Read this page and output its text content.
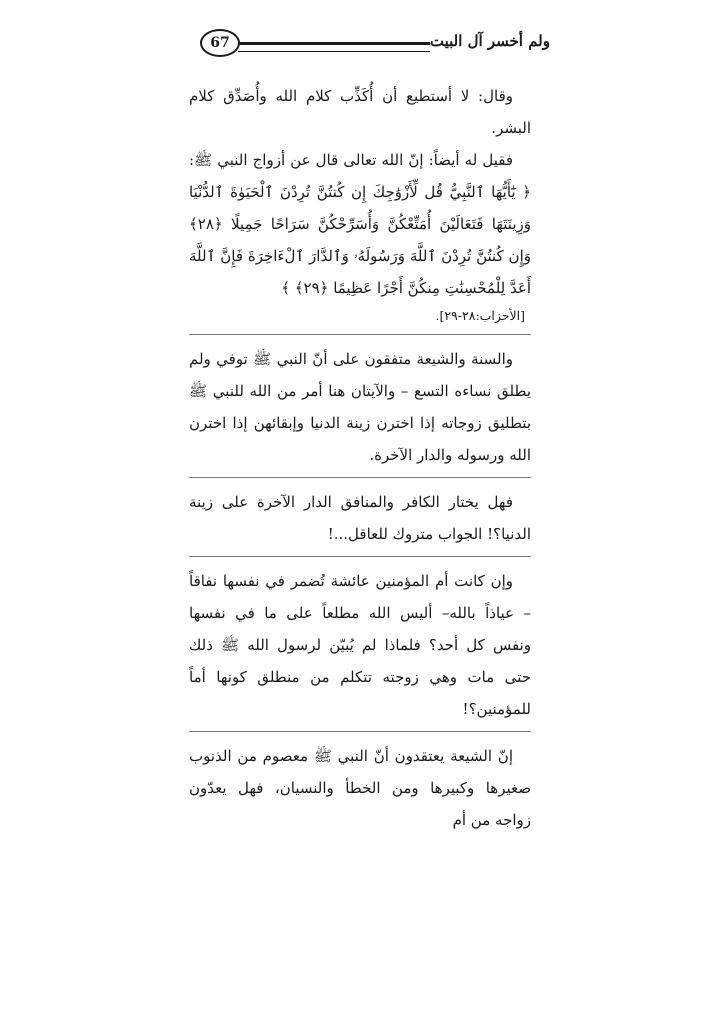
67	ولم أخسر آل البيت

وقال: لا أستطيع أن أُكَذِّب كلام الله وأُصَدِّق كلام البشر.

فقيل له أيضاً: إنّ الله تعالى قال عن أزواج النبي ﷺ: ﴿ يَٰٓأَيُّهَا ٱلنَّبِيُّ قُل لِّأَزْوَٰجِكَ إِن كُنتُنَّ تُرِدْنَ ٱلْحَيَوٰةَ ٱلدُّنْيَا وَزِينَتَهَا فَتَعَالَيْنَ أُمَتِّعْكُنَّ وَأُسَرِّحْكُنَّ سَرَاحًا جَمِيلًا ﴿٢٨﴾ وَإِن كُنتُنَّ تُرِدْنَ ٱللَّهَ وَرَسُولَهُۥ وَٱلدَّارَ ٱلْءَاخِرَةَ فَإِنَّ ٱللَّهَ أَعَدَّ لِلْمُحْسِنَٰتِ مِنكُنَّ أَجْرًا عَظِيمًا ﴿٢٩﴾ ﴾

[الأحزاب:٢٨-٢٩].

والسنة والشيعة متفقون على أنّ النبي ﷺ توفي ولم يطلق نساءه التسع – والآيتان هنا أمر من الله للنبي ﷺ بتطليق زوجاته إذا اخترن زينة الدنيا وإبقائهن إذا اخترن الله ورسوله والدار الآخرة.

فهل يختار الكافر والمنافق الدار الآخرة على زينة الدنيا؟! الجواب متروك للعاقل...!

وإن كانت أم المؤمنين عائشة تُضمر في نفسها نفاقاً – عياذاً بالله– أليس الله مطلعاً على ما في نفسها ونفس كل أحد؟ فلماذا لم يُبيّن لرسول الله ﷺ ذلك حتى مات وهي زوجته تتكلم من منطلق كونها أماً للمؤمنين؟!

إنّ الشيعة يعتقدون أنّ النبي ﷺ معصوم من الذنوب صغيرها وكبيرها ومن الخطأ والنسيان، فهل يعدّون زواجه من أم
